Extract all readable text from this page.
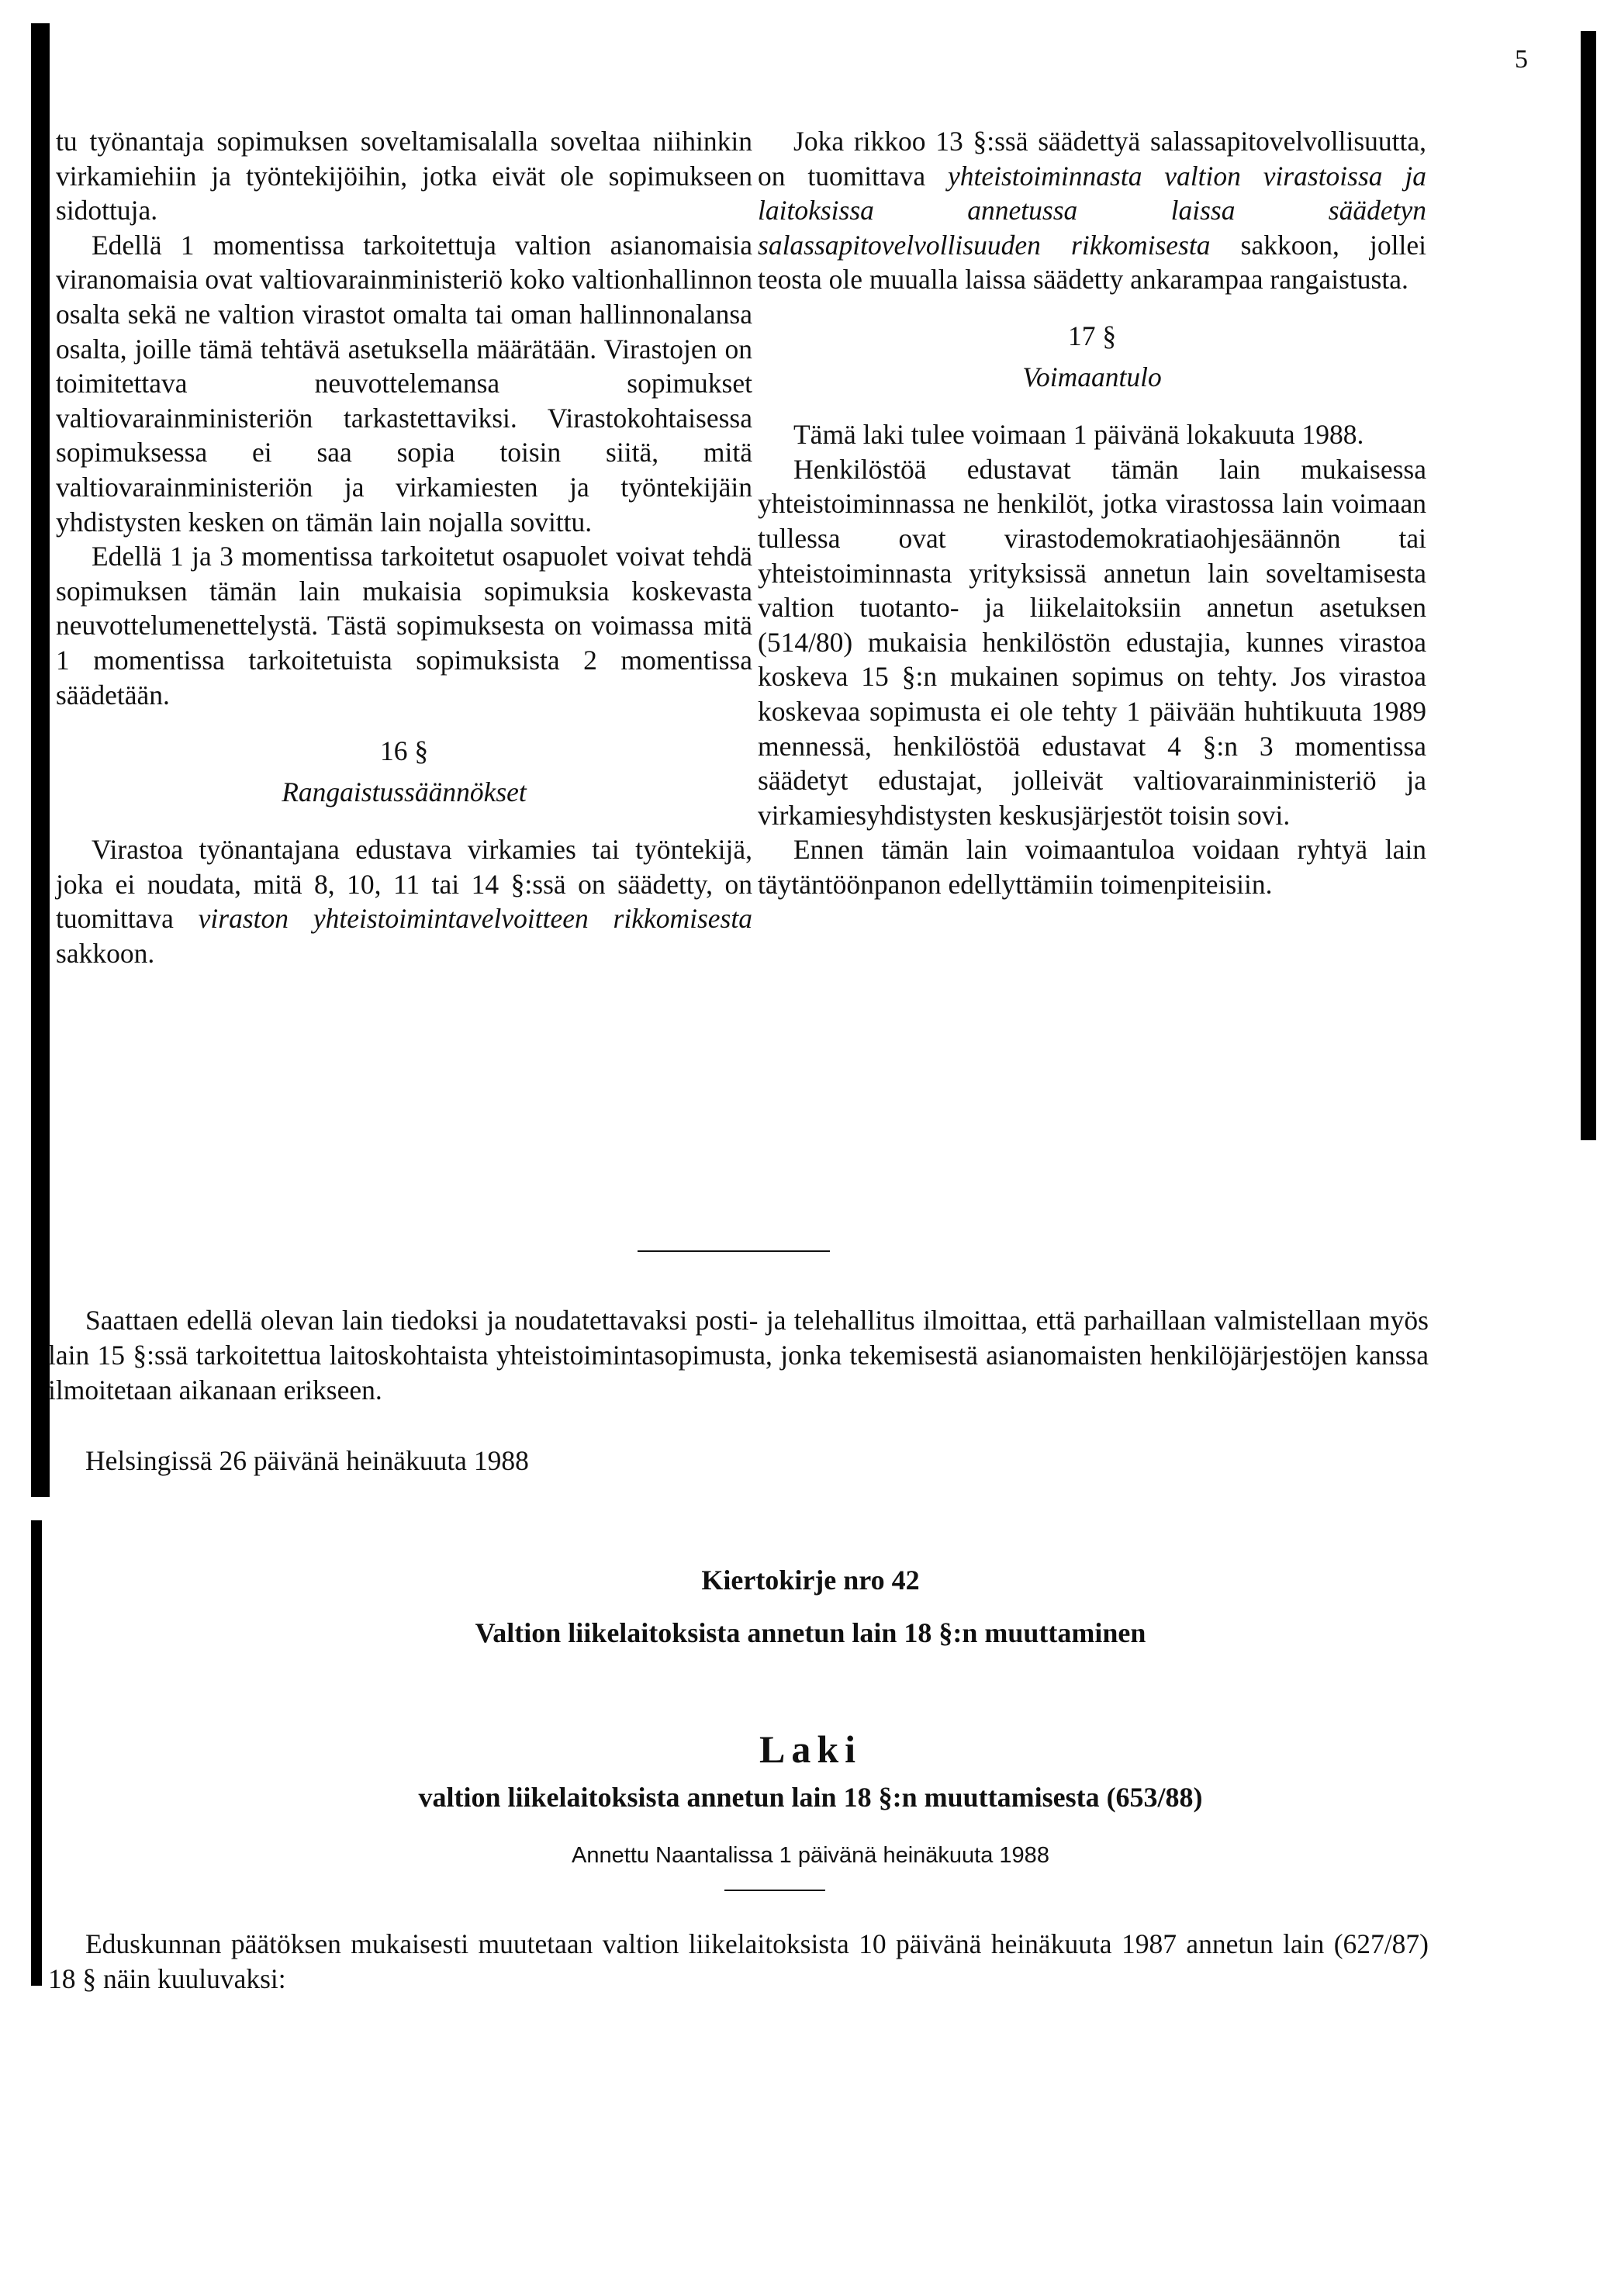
5

tu työnantaja sopimuksen soveltamisalalla soveltaa niihinkin virkamiehiin ja työntekijöihin, jotka eivät ole sopimukseen sidottuja.

Edellä 1 momentissa tarkoitettuja valtion asianomaisia viranomaisia ovat valtiovarainministeriö koko valtionhallinnon osalta sekä ne valtion virastot omalta tai oman hallinnonalansa osalta, joille tämä tehtävä asetuksella määrätään. Virastojen on toimitettava neuvottelemansa sopimukset valtiovarainministeriön tarkastettaviksi. Virastokohtaisessa sopimuksessa ei saa sopia toisin siitä, mitä valtiovarainministeriön ja virkamiesten ja työntekijäin yhdistysten kesken on tämän lain nojalla sovittu.

Edellä 1 ja 3 momentissa tarkoitetut osapuolet voivat tehdä sopimuksen tämän lain mukaisia sopimuksia koskevasta neuvottelumenettelystä. Tästä sopimuksesta on voimassa mitä 1 momentissa tarkoitetuista sopimuksista 2 momentissa säädetään.

16 §
Rangaistussäännökset

Virastoa työnantajana edustava virkamies tai työntekijä, joka ei noudata, mitä 8, 10, 11 tai 14 §:ssä on säädetty, on tuomittava viraston yhteistoimintavelvoitteen rikkomisesta sakkoon.

Joka rikkoo 13 §:ssä säädettyä salassapitovelvollisuutta, on tuomittava yhteistoiminnasta valtion virastoissa ja laitoksissa annetussa laissa säädetyn salassapitovelvollisuuden rikkomisesta sakkoon, jollei teosta ole muualla laissa säädetty ankarampaa rangaistusta.

17 §
Voimaantulo

Tämä laki tulee voimaan 1 päivänä lokakuuta 1988.

Henkilöstöä edustavat tämän lain mukaisessa yhteistoiminnassa ne henkilöt, jotka virastossa lain voimaan tullessa ovat virastodemokratiaohjesäännön tai yhteistoiminnasta yrityksissä annetun lain soveltamisesta valtion tuotanto- ja liikelaitoksiin annetun asetuksen (514/80) mukaisia henkilöstön edustajia, kunnes virastoa koskeva 15 §:n mukainen sopimus on tehty. Jos virastoa koskevaa sopimusta ei ole tehty 1 päivään huhtikuuta 1989 mennessä, henkilöstöä edustavat 4 §:n 3 momentissa säädetyt edustajat, jolleivät valtiovarainministeriö ja virkamiesyhdistysten keskusjärjestöt toisin sovi.

Ennen tämän lain voimaantuloa voidaan ryhtyä lain täytäntöönpanon edellyttämiin toimenpiteisiin.

Saattaen edellä olevan lain tiedoksi ja noudatettavaksi posti- ja telehallitus ilmoittaa, että parhaillaan valmistellaan myös lain 15 §:ssä tarkoitettua laitoskohtaista yhteistoimintasopimusta, jonka tekemisestä asianomaisten henkilöjärjestöjen kanssa ilmoitetaan aikanaan erikseen.

Helsingissä 26 päivänä heinäkuuta 1988

Kiertokirje nro 42

Valtion liikelaitoksista annetun lain 18 §:n muuttaminen

Laki

valtion liikelaitoksista annetun lain 18 §:n muuttamisesta (653/88)

Annettu Naantalissa 1 päivänä heinäkuuta 1988

Eduskunnan päätöksen mukaisesti muutetaan valtion liikelaitoksista 10 päivänä heinäkuuta 1987 annetun lain (627/87) 18 § näin kuuluvaksi:
